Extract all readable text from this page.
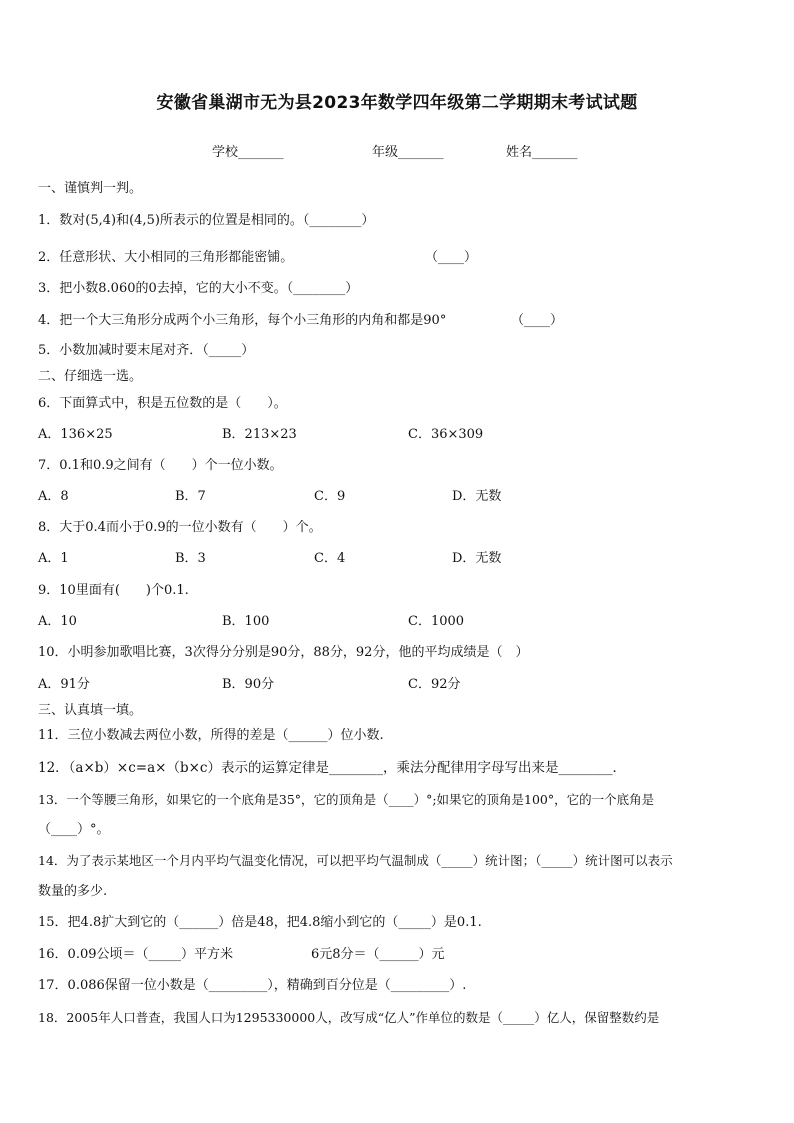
安徽省巢湖市无为县2023年数学四年级第二学期期末考试试题
学校_______	年级_______	姓名_______
一、谨慎判一判。
1．数对(5,4)和(4,5)所表示的位置是相同的。（________）
2．任意形状、大小相同的三角形都能密铺。	（____）
3．把小数8.060的0去掉，它的大小不变。（________）
4．把一个大三角形分成两个小三角形，每个小三角形的内角和都是90°	（____）
5．小数加减时要末尾对齐．（_____）
二、仔细选一选。
6．下面算式中，积是五位数的是（　　）。
A．136×25	B．213×23	C．36×309
7．0.1和0.9之间有（　　）个一位小数。
A．8	B．7	C．9	D．无数
8．大于0.4而小于0.9的一位小数有（　　）个。
A．1	B．3	C．4	D．无数
9．10里面有(　　)个0.1.
A．10	B．100	C．1000
10．小明参加歌唱比赛，3次得分分别是90分，88分，92分，他的平均成绩是（　）
A．91分	B．90分	C．92分
三、认真填一填。
11．三位小数减去两位小数，所得的差是（______）位小数.
12．（a×b）×c=a×（b×c）表示的运算定律是________，乘法分配律用字母写出来是________．
13．一个等腰三角形，如果它的一个底角是35°，它的顶角是（____）°;如果它的顶角是100°，它的一个底角是
（____）°。
14．为了表示某地区一个月内平均气温变化情况，可以把平均气温制成（_____）统计图；（_____）统计图可以表示
数量的多少.
15．把4.8扩大到它的（______）倍是48，把4.8缩小到它的（_____）是0.1.
16．0.09公顷＝（_____）平方米	6元8分＝（______）元
17．0.086保留一位小数是（_________），精确到百分位是（_________）.
18．2005年人口普查，我国人口为1295330000人，改写成“亿人”作单位的数是（_____）亿人，保留整数约是
